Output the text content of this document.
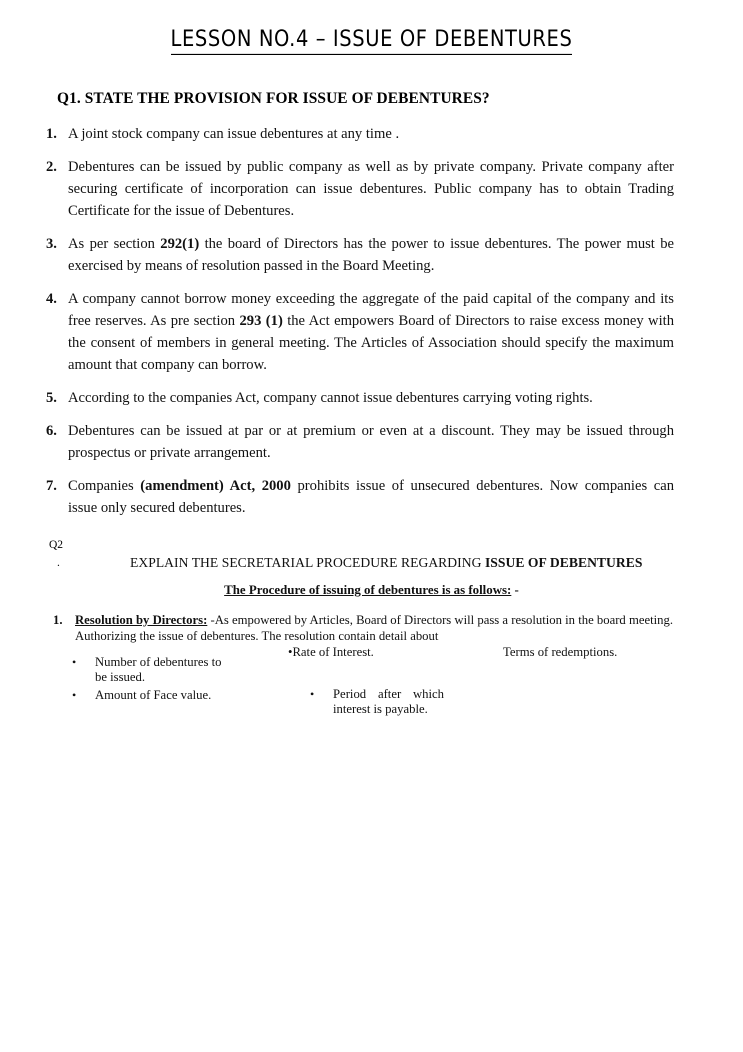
LESSON NO.4 – ISSUE OF DEBENTURES
Q1. STATE THE PROVISION FOR ISSUE OF DEBENTURES?
1. A joint stock company can issue debentures at any time .
2. Debentures can be issued by public company as well as by private company. Private company after securing certificate of incorporation can issue debentures. Public company has to obtain Trading Certificate for the issue of Debentures.
3. As per section 292(1) the board of Directors has the power to issue debentures. The power must be exercised by means of resolution passed in the Board Meeting.
4. A company cannot borrow money exceeding the aggregate of the paid capital of the company and its free reserves. As pre section 293 (1) the Act empowers Board of Directors to raise excess money with the consent of members in general meeting. The Articles of Association should specify the maximum amount that company can borrow.
5. According to the companies Act, company cannot issue debentures carrying voting rights.
6. Debentures can be issued at par or at premium or even at a discount. They may be issued through prospectus or private arrangement.
7. Companies (amendment) Act, 2000 prohibits issue of unsecured debentures. Now companies can issue only secured debentures.
Q2
.	EXPLAIN THE SECRETARIAL PROCEDURE REGARDING ISSUE OF DEBENTURES
The Procedure of issuing of debentures is as follows: -
1. Resolution by Directors: -As empowered by Articles, Board of Directors will pass a resolution in the board meeting. Authorizing the issue of debentures. The resolution contain detail about
• Number of debentures to be issued.
• Amount of Face value.
•Rate of Interest.
• Period after which
interest is payable.
Terms of redemptions.
